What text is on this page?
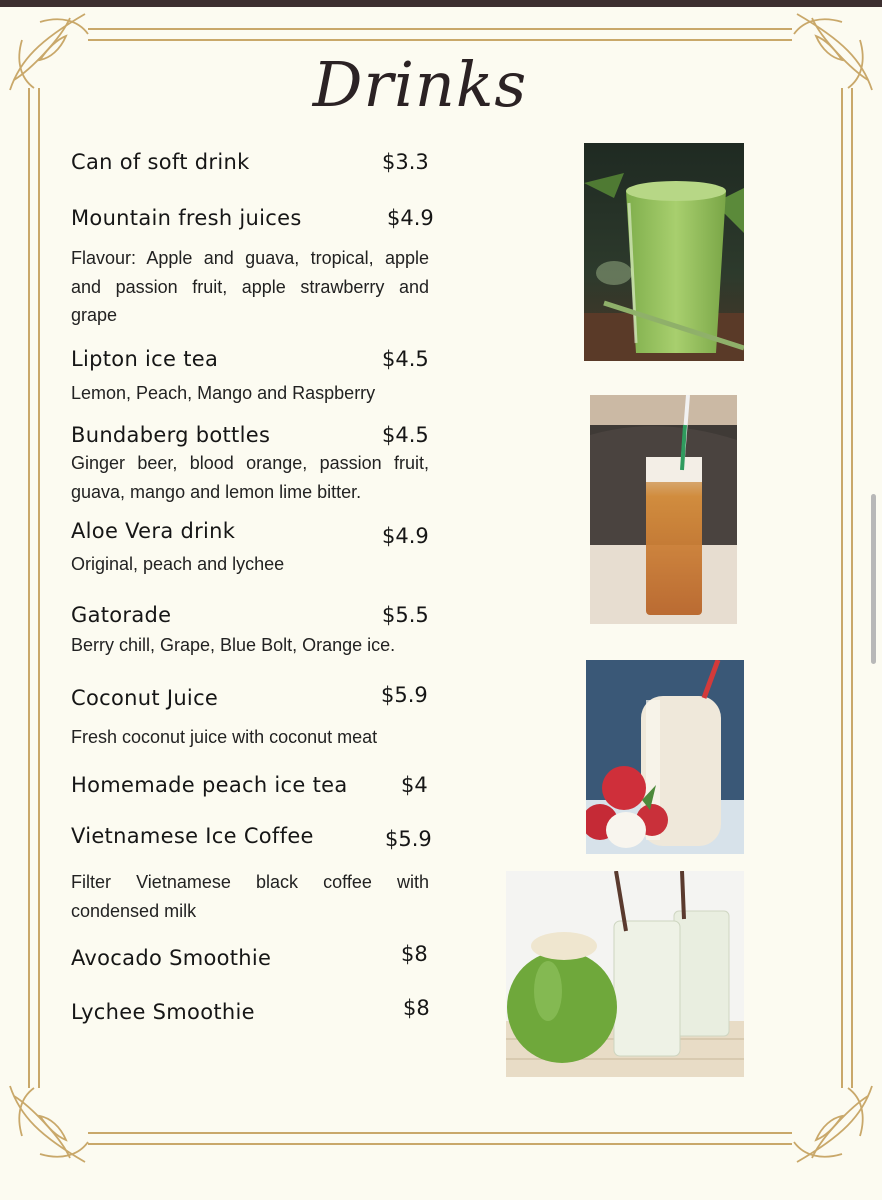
Drinks
Can of soft drink	$3.3
Mountain fresh juices	$4.9
Flavour: Apple and guava, tropical, apple and passion fruit, apple strawberry and grape
Lipton ice tea	$4.5
Lemon, Peach, Mango and Raspberry
Bundaberg bottles	$4.5
Ginger beer, blood orange, passion fruit, guava, mango and lemon lime bitter.
Aloe Vera drink	$4.9
Original, peach and lychee
Gatorade	$5.5
Berry chill, Grape, Blue Bolt, Orange ice.
Coconut Juice	$5.9
Fresh coconut juice with coconut meat
Homemade peach ice tea	$4
Vietnamese Ice Coffee	$5.9
Filter Vietnamese black coffee with condensed milk
Avocado Smoothie	$8
Lychee Smoothie	$8
